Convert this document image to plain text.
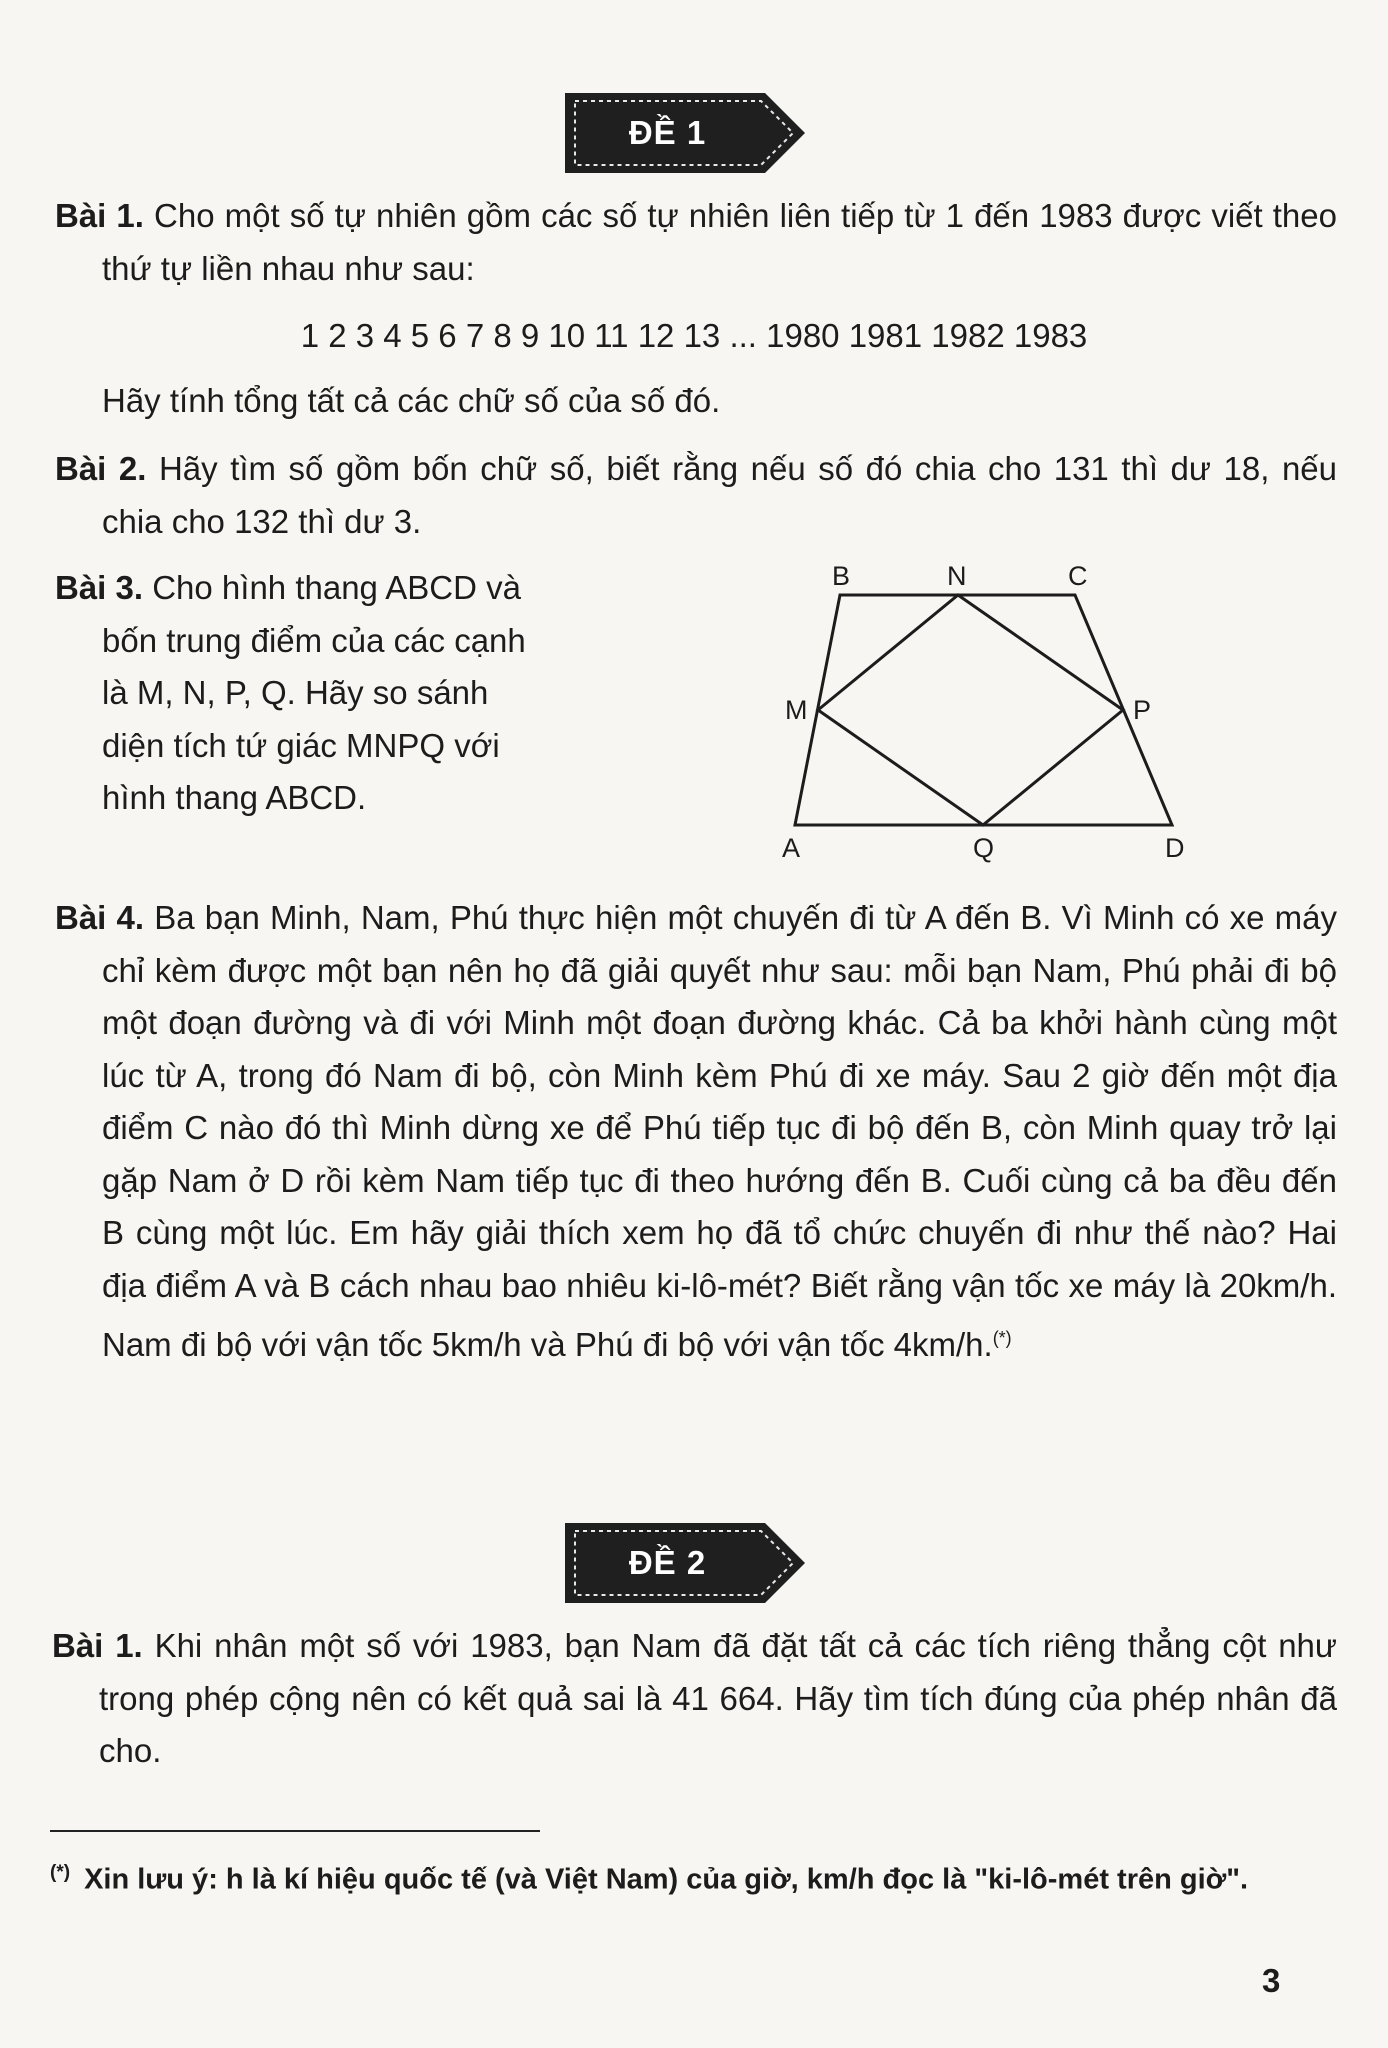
ĐỀ 1
Bài 1. Cho một số tự nhiên gồm các số tự nhiên liên tiếp từ 1 đến 1983 được viết theo thứ tự liền nhau như sau:
1 2 3 4 5 6 7 8 9 10 11 12 13 ... 1980 1981 1982 1983
Hãy tính tổng tất cả các chữ số của số đó.
Bài 2. Hãy tìm số gồm bốn chữ số, biết rằng nếu số đó chia cho 131 thì dư 18, nếu chia cho 132 thì dư 3.
Bài 3. Cho hình thang ABCD và
bốn trung điểm của các cạnh
là M, N, P, Q. Hãy so sánh
diện tích tứ giác MNPQ với
hình thang ABCD.
B	N	C
M	P
A	Q	D
Bài 4. Ba bạn Minh, Nam, Phú thực hiện một chuyến đi từ A đến B. Vì Minh có xe máy chỉ kèm được một bạn nên họ đã giải quyết như sau: mỗi bạn Nam, Phú phải đi bộ một đoạn đường và đi với Minh một đoạn đường khác. Cả ba khởi hành cùng một lúc từ A, trong đó Nam đi bộ, còn Minh kèm Phú đi xe máy. Sau 2 giờ đến một địa điểm C nào đó thì Minh dừng xe để Phú tiếp tục đi bộ đến B, còn Minh quay trở lại gặp Nam ở D rồi kèm Nam tiếp tục đi theo hướng đến B. Cuối cùng cả ba đều đến B cùng một lúc. Em hãy giải thích xem họ đã tổ chức chuyến đi như thế nào? Hai địa điểm A và B cách nhau bao nhiêu ki-lô-mét? Biết rằng vận tốc xe máy là 20km/h. Nam đi bộ với vận tốc 5km/h và Phú đi bộ với vận tốc 4km/h.(*)
ĐỀ 2
Bài 1. Khi nhân một số với 1983, bạn Nam đã đặt tất cả các tích riêng thẳng cột như trong phép cộng nên có kết quả sai là 41 664. Hãy tìm tích đúng của phép nhân đã cho.
(*) Xin lưu ý: h là kí hiệu quốc tế (và Việt Nam) của giờ, km/h đọc là "ki-lô-mét trên giờ".
3
